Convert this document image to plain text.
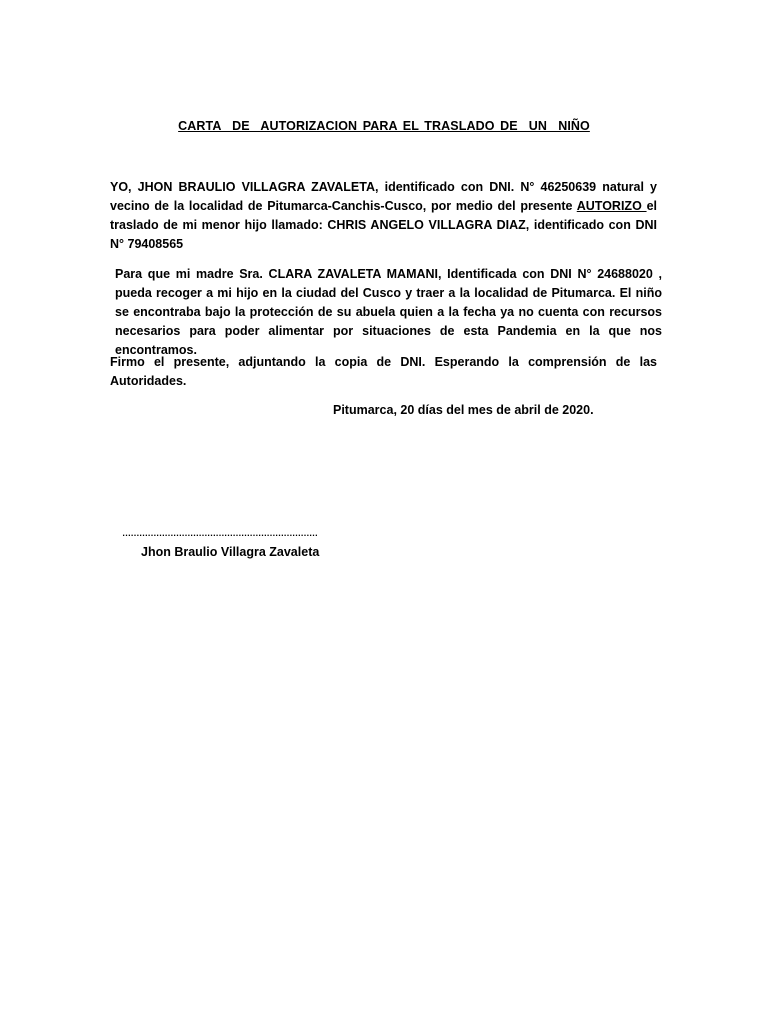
CARTA  DE  AUTORIZACION PARA EL TRASLADO DE  UN  NIÑO

YO, JHON BRAULIO VILLAGRA ZAVALETA, identificado con DNI. N° 46250639 natural y vecino de la localidad de Pitumarca-Canchis-Cusco, por medio del presente AUTORIZO el traslado de mi menor hijo llamado: CHRIS ANGELO VILLAGRA DIAZ, identificado con DNI N° 79408565

Para que mi madre Sra. CLARA ZAVALETA MAMANI, Identificada con DNI N° 24688020 , pueda recoger a mi hijo en la ciudad del Cusco y traer a la localidad de Pitumarca. El niño se encontraba bajo la protección de su abuela quien a la fecha ya no cuenta con recursos necesarios para poder alimentar por situaciones de esta Pandemia en la que nos encontramos.

Firmo el presente, adjuntando la copia de DNI. Esperando la comprensión de las Autoridades.

Pitumarca, 20 días del mes de abril de 2020.
……………………………………………………………
Jhon Braulio Villagra Zavaleta
